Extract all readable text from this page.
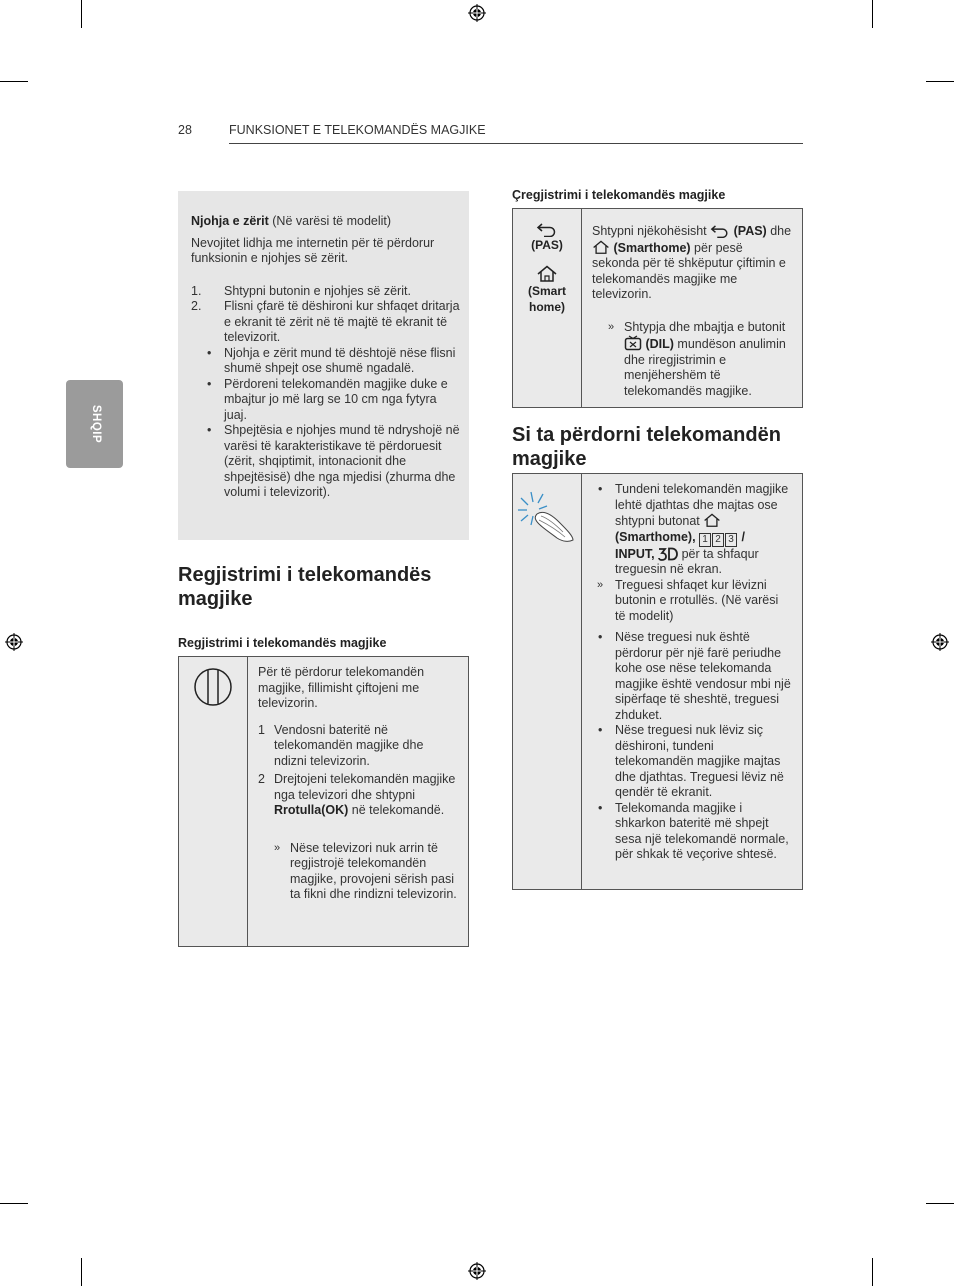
28	FUNKSIONET E TELEKOMANDËS MAGJIKE
SHQIP

Njohja e zërit (Në varësi të modelit)

Nevojitet lidhja me internetin për të përdorur funksionin e njohjes së zërit.

1. Shtypni butonin e njohjes së zërit.
2. Flisni çfarë të dëshironi kur shfaqet dritarja e ekranit të zërit në të majtë të ekranit të televizorit.
• Njohja e zërit mund të dështojë nëse flisni shumë shpejt ose shumë ngadalë.
• Përdoreni telekomandën magjike duke e mbajtur jo më larg se 10 cm nga fytyra juaj.
• Shpejtësia e njohjes mund të ndryshojë në varësi të karakteristikave të përdoruesit (zërit, shqiptimit, intonacionit dhe shpejtësisë) dhe nga mjedisi (zhurma dhe volumi i televizorit).
Regjistrimi i telekomandës magjike
Regjistrimi i telekomandës magjike

Për të përdorur telekomandën magjike, fillimisht çiftojeni me televizorin.

1 Vendosni bateritë në telekomandën magjike dhe ndizni televizorin.
2 Drejtojeni telekomandën magjike nga televizori dhe shtypni Rrotulla(OK) në telekomandë.
» Nëse televizori nuk arrin të regjistrojë telekomandën magjike, provojeni sërish pasi ta fikni dhe rindizni televizorin.
Çregjistrimi i telekomandës magjike
(PAS)
(Smart home)

Shtypni njëkohësisht  (PAS) dhe  (Smarthome) për pesë sekonda për të shkëputur çiftimin e telekomandës magjike me televizorin.

» Shtypja dhe mbajtja e butonit  (DIL) mundëson anulimin dhe riregjistrimin e menjëhershëm të telekomandës magjike.
Si ta përdorni telekomandën magjike

• Tundeni telekomandën magjike lehtë djathtas dhe majtas ose shtypni butonat  (Smarthome), 1 2 3 /
INPUT,  për ta shfaqur treguesin në ekran.
» Treguesi shfaqet kur lëvizni butonin e rrotullës. (Në varësi të modelit)
• Nëse treguesi nuk është përdorur për një farë periudhe kohe ose nëse telekomanda magjike është vendosur mbi një sipërfaqe të sheshtë, treguesi zhduket.
• Nëse treguesi nuk lëviz siç dëshironi, tundeni telekomandën magjike majtas dhe djathtas. Treguesi lëviz në qendër të ekranit.
• Telekomanda magjike i shkarkon bateritë më shpejt sesa një telekomandë normale, për shkak të veçorive shtesë.
